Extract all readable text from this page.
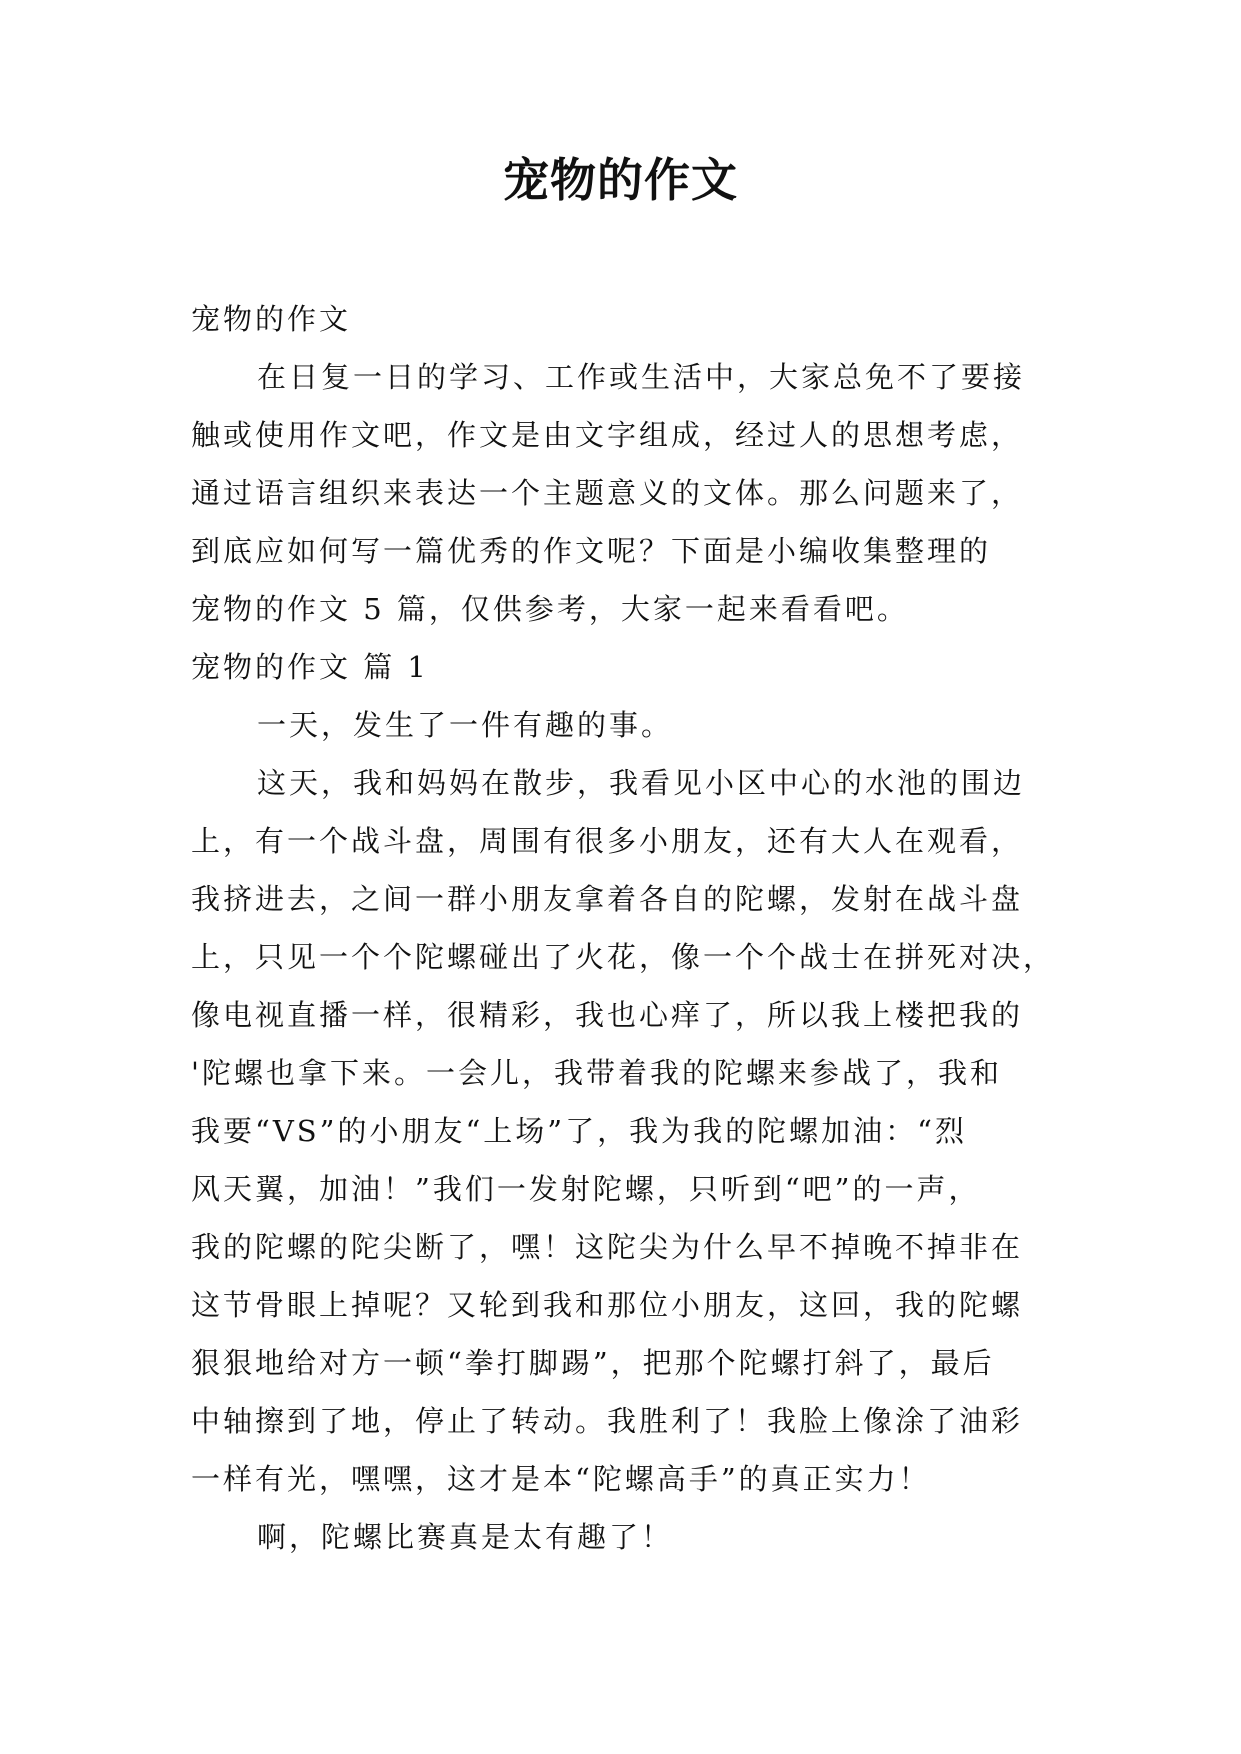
宠物的作文
宠物的作文
在日复一日的学习、工作或生活中，大家总免不了要接
触或使用作文吧，作文是由文字组成，经过人的思想考虑，
通过语言组织来表达一个主题意义的文体。那么问题来了，
到底应如何写一篇优秀的作文呢？下面是小编收集整理的
宠物的作文 5 篇，仅供参考，大家一起来看看吧。
宠物的作文 篇 1
一天，发生了一件有趣的事。
这天，我和妈妈在散步，我看见小区中心的水池的围边
上，有一个战斗盘，周围有很多小朋友，还有大人在观看，
我挤进去，之间一群小朋友拿着各自的陀螺，发射在战斗盘
上，只见一个个陀螺碰出了火花，像一个个战士在拼死对决，
像电视直播一样，很精彩，我也心痒了，所以我上楼把我的
'陀螺也拿下来。一会儿，我带着我的陀螺来参战了，我和
我要“VS”的小朋友“上场”了，我为我的陀螺加油：“烈
风天翼，加油！”我们一发射陀螺，只听到“吧”的一声，
我的陀螺的陀尖断了，嘿！这陀尖为什么早不掉晚不掉非在
这节骨眼上掉呢？又轮到我和那位小朋友，这回，我的陀螺
狠狠地给对方一顿“拳打脚踢”，把那个陀螺打斜了，最后
中轴擦到了地，停止了转动。我胜利了！我脸上像涂了油彩
一样有光，嘿嘿，这才是本“陀螺高手”的真正实力！
啊，陀螺比赛真是太有趣了！
